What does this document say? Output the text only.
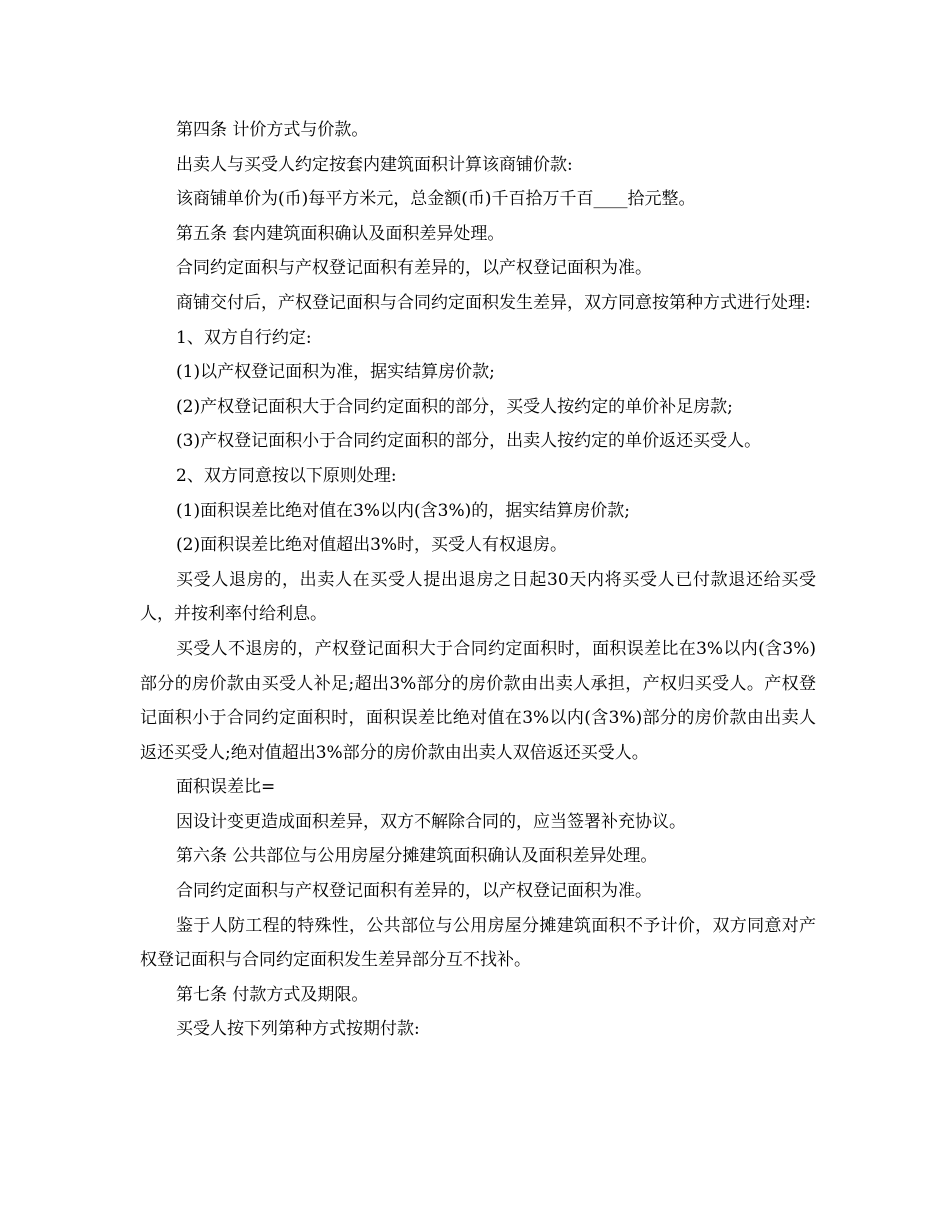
第四条 计价方式与价款。

出卖人与买受人约定按套内建筑面积计算该商铺价款:

该商铺单价为(币)每平方米元，总金额(币)千百拾万千百____拾元整。

第五条 套内建筑面积确认及面积差异处理。

合同约定面积与产权登记面积有差异的，以产权登记面积为准。

商铺交付后，产权登记面积与合同约定面积发生差异，双方同意按第种方式进行处理:

1、双方自行约定:

(1)以产权登记面积为准，据实结算房价款;

(2)产权登记面积大于合同约定面积的部分，买受人按约定的单价补足房款;

(3)产权登记面积小于合同约定面积的部分，出卖人按约定的单价返还买受人。

2、双方同意按以下原则处理:

(1)面积误差比绝对值在3%以内(含3%)的，据实结算房价款;

(2)面积误差比绝对值超出3%时，买受人有权退房。

买受人退房的，出卖人在买受人提出退房之日起30天内将买受人已付款退还给买受人，并按利率付给利息。

买受人不退房的，产权登记面积大于合同约定面积时，面积误差比在3%以内(含3%)部分的房价款由买受人补足;超出3%部分的房价款由出卖人承担，产权归买受人。产权登记面积小于合同约定面积时，面积误差比绝对值在3%以内(含3%)部分的房价款由出卖人返还买受人;绝对值超出3%部分的房价款由出卖人双倍返还买受人。

面积误差比=

因设计变更造成面积差异，双方不解除合同的，应当签署补充协议。

第六条 公共部位与公用房屋分摊建筑面积确认及面积差异处理。

合同约定面积与产权登记面积有差异的，以产权登记面积为准。

鉴于人防工程的特殊性，公共部位与公用房屋分摊建筑面积不予计价，双方同意对产权登记面积与合同约定面积发生差异部分互不找补。

第七条 付款方式及期限。

买受人按下列第种方式按期付款:
